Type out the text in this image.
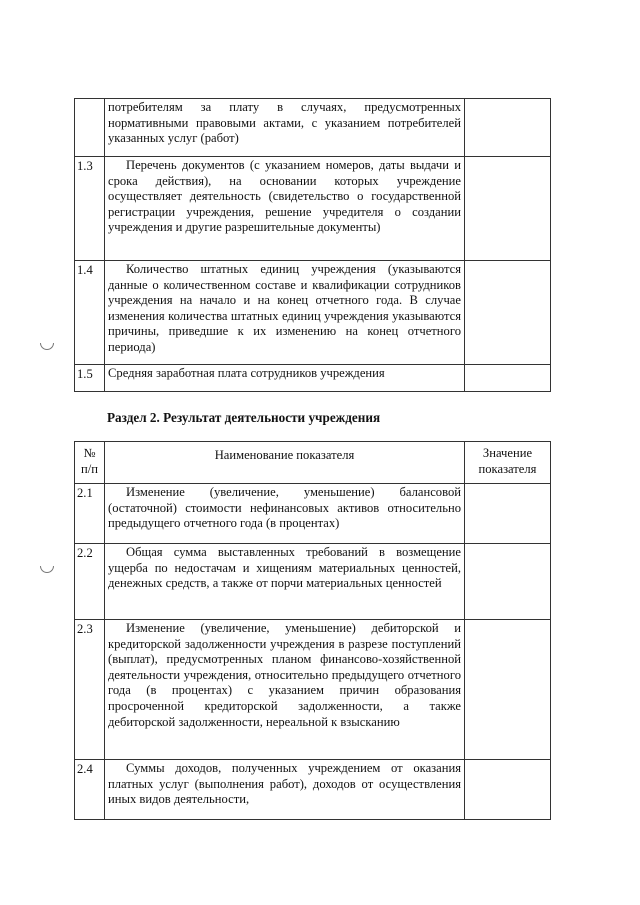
	потребителям за плату в случаях, предусмотренных нормативными правовыми актами, с указанием потребителей указанных услуг (работ)	
1.3	Перечень документов (с указанием номеров, даты выдачи и срока действия), на основании которых учреждение осуществляет деятельность (свидетельство о государственной регистрации учреждения, решение учредителя о создании учреждения и другие разрешительные документы)	
1.4	Количество штатных единиц учреждения (указываются данные о количественном составе и квалификации сотрудников учреждения на начало и на конец отчетного года. В случае изменения количества штатных единиц учреждения указываются причины, приведшие к их изменению на конец отчетного периода)	
1.5	Средняя заработная плата сотрудников учреждения	
Раздел 2. Результат деятельности учреждения
№ п/п	Наименование показателя	Значение показателя
2.1	Изменение (увеличение, уменьшение) балансовой (остаточной) стоимости нефинансовых активов относительно предыдущего отчетного года (в процентах)	
2.2	Общая сумма выставленных требований в возмещение ущерба по недостачам и хищениям материальных ценностей, денежных средств, а также от порчи материальных ценностей	
2.3	Изменение (увеличение, уменьшение) дебиторской и кредиторской задолженности учреждения в разрезе поступлений (выплат), предусмотренных планом финансово-хозяйственной деятельности учреждения, относительно предыдущего отчетного года (в процентах) с указанием причин образования просроченной кредиторской задолженности, а также дебиторской задолженности, нереальной к взысканию	
2.4	Суммы доходов, полученных учреждением от оказания платных услуг (выполнения работ), доходов от осуществления иных видов деятельности,	
